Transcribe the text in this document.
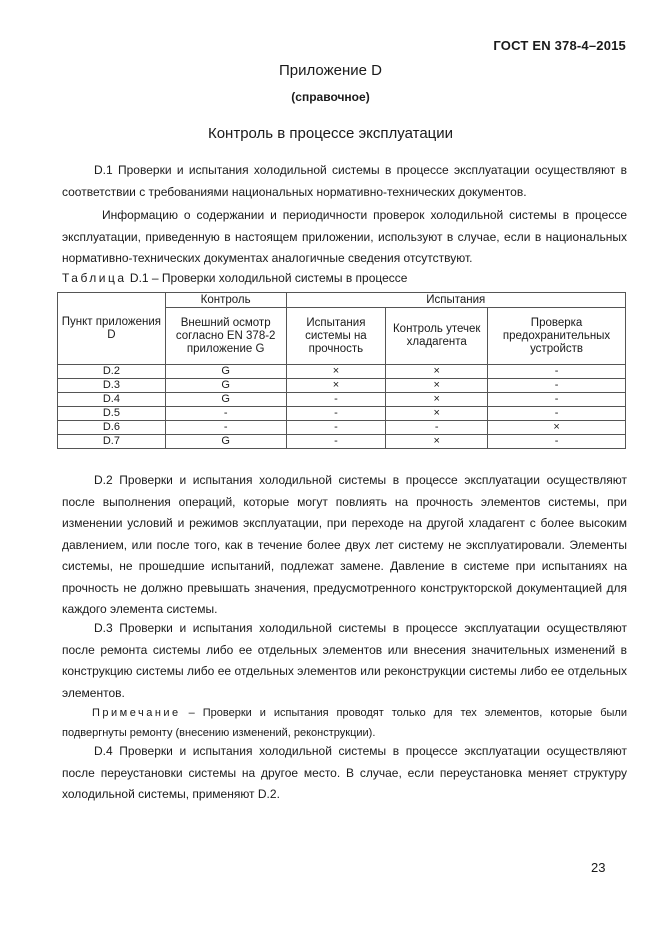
ГОСТ EN 378-4–2015
Приложение D
(справочное)
Контроль в процессе эксплуатации
D.1 Проверки и испытания холодильной системы в процессе эксплуатации осуществляют в соответствии с требованиями национальных нормативно-технических документов.
Информацию о содержании и периодичности проверок холодильной системы в процессе эксплуатации, приведенную в настоящем приложении, используют в случае, если в национальных нормативно-технических документах аналогичные сведения отсутствуют.
Таблица D.1 – Проверки холодильной системы в процессе
Пункт приложения D	Контроль	Испытания		
	Внешний осмотр согласно EN 378-2 приложение G	Испытания системы на прочность	Контроль утечек хладагента	Проверка предохранительных устройств
D.2	G	×	×	-
D.3	G	×	×	-
D.4	G	-	×	-
D.5	-	-	×	-
D.6	-	-	-	×
D.7	G	-	×	-
D.2 Проверки и испытания холодильной системы в процессе эксплуатации осуществляют после выполнения операций, которые могут повлиять на прочность элементов системы, при изменении условий и режимов эксплуатации, при переходе на другой хладагент с более высоким давлением, или после того, как в течение более двух лет систему не эксплуатировали. Элементы системы, не прошедшие испытаний, подлежат замене. Давление в системе при испытаниях на прочность не должно превышать значения, предусмотренного конструкторской документацией для каждого элемента системы.
D.3 Проверки и испытания холодильной системы в процессе эксплуатации осуществляют после ремонта системы либо ее отдельных элементов или внесения значительных изменений в конструкцию системы либо ее отдельных элементов или реконструкции системы либо ее отдельных элементов.
Примечание – Проверки и испытания проводят только для тех элементов, которые были подвергнуты ремонту (внесению изменений, реконструкции).
D.4 Проверки и испытания холодильной системы в процессе эксплуатации осуществляют после переустановки системы на другое место. В случае, если переустановка меняет структуру холодильной системы, применяют D.2.
23
